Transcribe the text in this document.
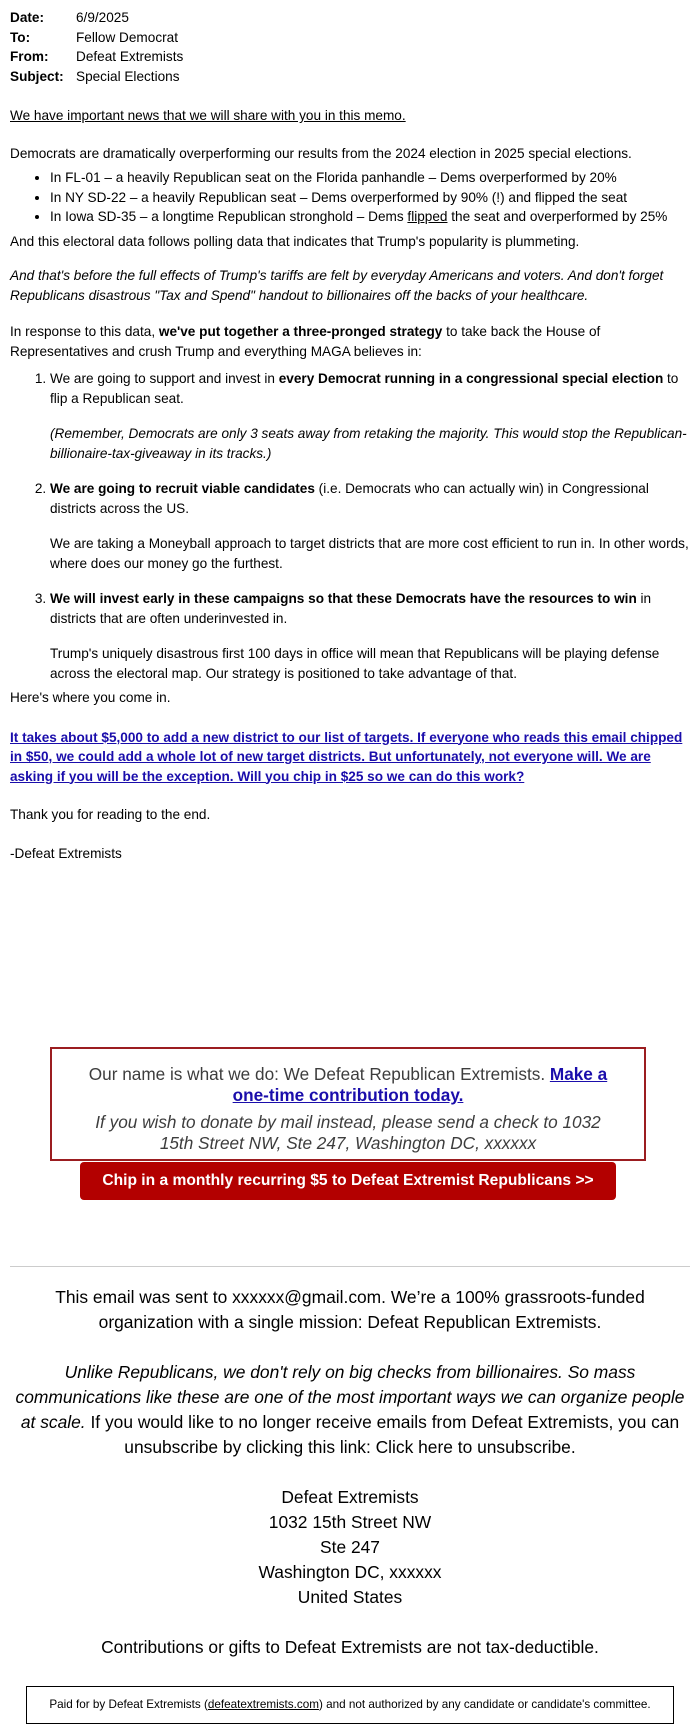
Date:	6/9/2025
To:	Fellow Democrat
From:	Defeat Extremists
Subject: Special Elections

We have important news that we will share with you in this memo.

Democrats are dramatically overperforming our results from the 2024 election in 2025 special elections.

• In FL-01 – a heavily Republican seat on the Florida panhandle – Dems overperformed by 20%
• In NY SD-22 – a heavily Republican seat – Dems overperformed by 90% (!) and flipped the seat
• In Iowa SD-35 – a longtime Republican stronghold – Dems flipped the seat and overperformed by 25%

And this electoral data follows polling data that indicates that Trump's popularity is plummeting.

And that's before the full effects of Trump's tariffs are felt by everyday Americans and voters. And don't forget Republicans disastrous "Tax and Spend" handout to billionaires off the backs of your healthcare.

In response to this data, we've put together a three-pronged strategy to take back the House of Representatives and crush Trump and everything MAGA believes in:

1. We are going to support and invest in every Democrat running in a congressional special election to flip a Republican seat.

(Remember, Democrats are only 3 seats away from retaking the majority. This would stop the Republican-billionaire-tax-giveaway in its tracks.)

2. We are going to recruit viable candidates (i.e. Democrats who can actually win) in Congressional districts across the US.

We are taking a Moneyball approach to target districts that are more cost efficient to run in. In other words, where does our money go the furthest.

3. We will invest early in these campaigns so that these Democrats have the resources to win in districts that are often underinvested in.

Trump's uniquely disastrous first 100 days in office will mean that Republicans will be playing defense across the electoral map. Our strategy is positioned to take advantage of that.

Here's where you come in.

It takes about $5,000 to add a new district to our list of targets. If everyone who reads this email chipped in $50, we could add a whole lot of new target districts. But unfortunately, not everyone will. We are asking if you will be the exception. Will you chip in $25 so we can do this work?

Thank you for reading to the end.

-Defeat Extremists

Our name is what we do: We Defeat Republican Extremists. Make a one-time contribution today.
If you wish to donate by mail instead, please send a check to 1032 15th Street NW, Ste 247, Washington DC, xxxxxx
Chip in a monthly recurring $5 to Defeat Extremist Republicans >>

This email was sent to xxxxxx@gmail.com. We’re a 100% grassroots-funded organization with a single mission: Defeat Republican Extremists.

Unlike Republicans, we don't rely on big checks from billionaires. So mass communications like these are one of the most important ways we can organize people at scale. If you would like to no longer receive emails from Defeat Extremists, you can unsubscribe by clicking this link: Click here to unsubscribe.

Defeat Extremists

1032 15th Street NW

Ste 247

Washington DC, xxxxxx

United States

Contributions or gifts to Defeat Extremists are not tax-deductible.

Paid for by Defeat Extremists (defeatextremists.com) and not authorized by any candidate or candidate's committee.
